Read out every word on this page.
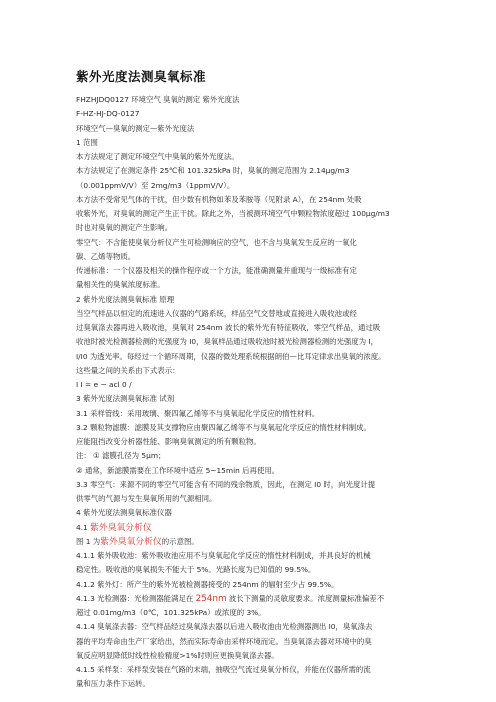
紫外光度法测臭氧标准
FHZHJDQ0127 环境空气 臭氧的测定 紫外光度法
F-HZ-HJ-DQ-0127
环境空气—臭氧的测定—紫外光度法
1 范围
本方法规定了测定环境空气中臭氧的紫外光度法。
本方法规定了在测定条件 25℃和 101.325kPa 时，臭氧的测定范围为 2.14μg/m3
（0.001ppmV/V）至 2mg/m3（1ppmV/V）。
本方法不受常见气体的干扰，但少数有机物如苯及苯胺等（见附录 A），在 254nm 处吸
收紫外光，对臭氧的测定产生正干扰。除此之外，当被测环境空气中颗粒物浓度超过 100μg/m3
时也对臭氧的测定产生影响。
零空气：不含能使臭氧分析仪产生可检测响应的空气，也不含与臭氧发生反应的一氧化
碳、乙烯等物质。
传递标准：一个仪器及相关的操作程序或一个方法，能准确测量并重现与一级标准有定
量相关性的臭氧浓度标准。
2 紫外光度法测臭氧标准 原理
当空气样品以恒定的流速进入仪器的气路系统，样品空气交替地或直接进入吸收池或经
过臭氧涤去器再进入吸收池，臭氧对 254nm 波长的紫外光有特征吸收，零空气样品，通过吸
收池时被光检测器检测的光强度为 I0，臭氧样品通过吸收池时被光检测器检测的光强度为 I，
I/I0 为透光率。每经过一个循环周期，仪器的微处理系统根据朗伯—比耳定律求出臭氧的浓度。
这些量之间的关系由下式表示：
I I = e − acl 0 /
3 紫外光度法测臭氧标准 试剂
3.1 采样管线：采用玻璃、聚四氟乙烯等不与臭氧起化学反应的惰性材料。
3.2 颗粒物滤膜：滤膜及其支撑物应由聚四氟乙烯等不与臭氧起化学反应的惰性材料制成。
应能阻挡改变分析器性能、影响臭氧测定的所有颗粒物。
注： ① 滤膜孔径为 5μm；
② 通常，新滤膜需要在工作环境中适应 5~15min 后再使用。
3.3 零空气：来源不同的零空气可能含有不同的残余物质，因此，在测定 I0 时，向光度计提
供零气的气源与发生臭氧所用的气源相同。
4 紫外光度法测臭氧标准仪器
4.1 紫外臭氧分析仪
图 1 为紫外臭氧分析仪的示意图。
4.1.1 紫外吸收池：紫外吸收池应用不与臭氧起化学反应的惰性材料制成，并具良好的机械
稳定性。吸收池的臭氧损失不能大于 5%。光路长度为已知值的 99.5%。
4.1.2 紫外灯：所产生的紫外光被检测器接受的 254nm 的辐射至少占 99.5%。
4.1.3 光检测器：光检测器能满足在 254nm 波长下测量的灵敏度要求。浓度测量标准偏差不
超过 0.01mg/m3（0℃，101.325kPa）或浓度的 3%。
4.1.4 臭氧涤去器：空气样品经过臭氧涤去器以后进入吸收池由光检测器测出 I0，臭氧涤去
器的平均寿命由生产厂家给出，然而实际寿命由采样环境而定。当臭氧涤去器对环境中的臭
氧反应明显降低时线性检验精度>1%时则应更换臭氧涤去器。
4.1.5 采样泵：采样泵安装在气路的末端，抽吸空气流过臭氧分析仪，并能在仪器所需的流
量和压力条件下运转。
